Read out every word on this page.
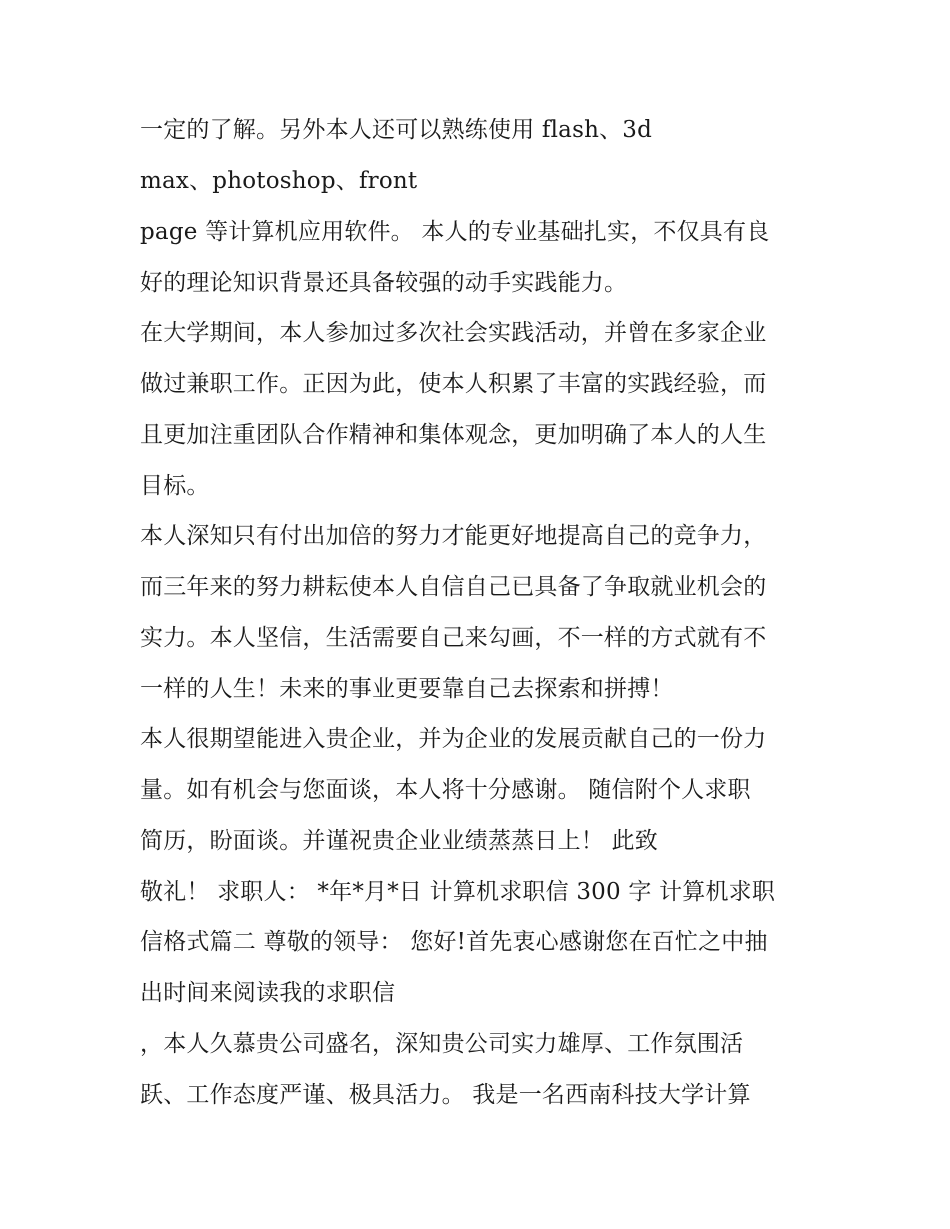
一定的了解。另外本人还可以熟练使用 flash、3d
max、photoshop、front
page 等计算机应用软件。 本人的专业基础扎实，不仅具有良
好的理论知识背景还具备较强的动手实践能力。
在大学期间，本人参加过多次社会实践活动，并曾在多家企业
做过兼职工作。正因为此，使本人积累了丰富的实践经验，而
且更加注重团队合作精神和集体观念，更加明确了本人的人生
目标。
本人深知只有付出加倍的努力才能更好地提高自己的竞争力，
而三年来的努力耕耘使本人自信自己已具备了争取就业机会的
实力。本人坚信，生活需要自己来勾画，不一样的方式就有不
一样的人生！未来的事业更要靠自己去探索和拼搏！
本人很期望能进入贵企业，并为企业的发展贡献自己的一份力
量。如有机会与您面谈，本人将十分感谢。 随信附个人求职
简历，盼面谈。并谨祝贵企业业绩蒸蒸日上！ 此致
敬礼！ 求职人： *年*月*日 计算机求职信 300 字 计算机求职
信格式篇二 尊敬的领导： 您好!首先衷心感谢您在百忙之中抽
出时间来阅读我的求职信
，本人久慕贵公司盛名，深知贵公司实力雄厚、工作氛围活
跃、工作态度严谨、极具活力。 我是一名西南科技大学计算
